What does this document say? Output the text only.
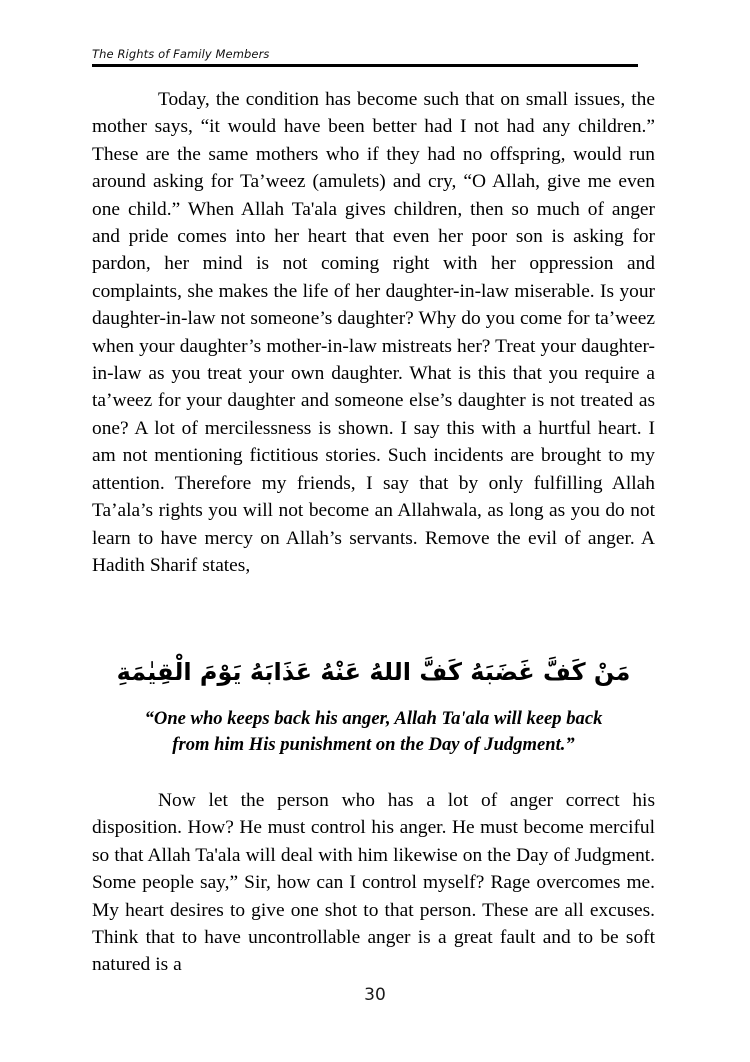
The Rights of Family Members

Today, the condition has become such that on small issues, the mother says, “it would have been better had I not had any children.” These are the same mothers who if they had no offspring, would run around asking for Ta’weez (amulets) and cry, “O Allah, give me even one child.” When Allah Ta'ala gives children, then so much of anger and pride comes into her heart that even her poor son is asking for pardon, her mind is not coming right with her oppression and complaints, she makes the life of her daughter-in-law miserable. Is your daughter-in-law not someone’s daughter? Why do you come for ta’weez when your daughter’s mother-in-law mistreats her? Treat your daughter-in-law as you treat your own daughter. What is this that you require a ta’weez for your daughter and someone else’s daughter is not treated as one? A lot of mercilessness is shown. I say this with a hurtful heart. I am not mentioning fictitious stories. Such incidents are brought to my attention. Therefore my friends, I say that by only fulfilling Allah Ta’ala’s rights you will not become an Allahwala, as long as you do not learn to have mercy on Allah’s servants. Remove the evil of anger. A Hadith Sharif states,

مَنْ كَفَّ غَضَبَهُ كَفَّ اللهُ عَنْهُ عَذَابَهُ يَوْمَ الْقِيٰمَةِ
“One who keeps back his anger, Allah Ta'ala will keep back
from him His punishment on the Day of Judgment.”

Now let the person who has a lot of anger correct his disposition. How? He must control his anger. He must become merciful so that Allah Ta'ala will deal with him likewise on the Day of Judgment. Some people say,” Sir, how can I control myself? Rage overcomes me. My heart desires to give one shot to that person. These are all excuses. Think that to have uncontrollable anger is a great fault and to be soft natured is a

30
